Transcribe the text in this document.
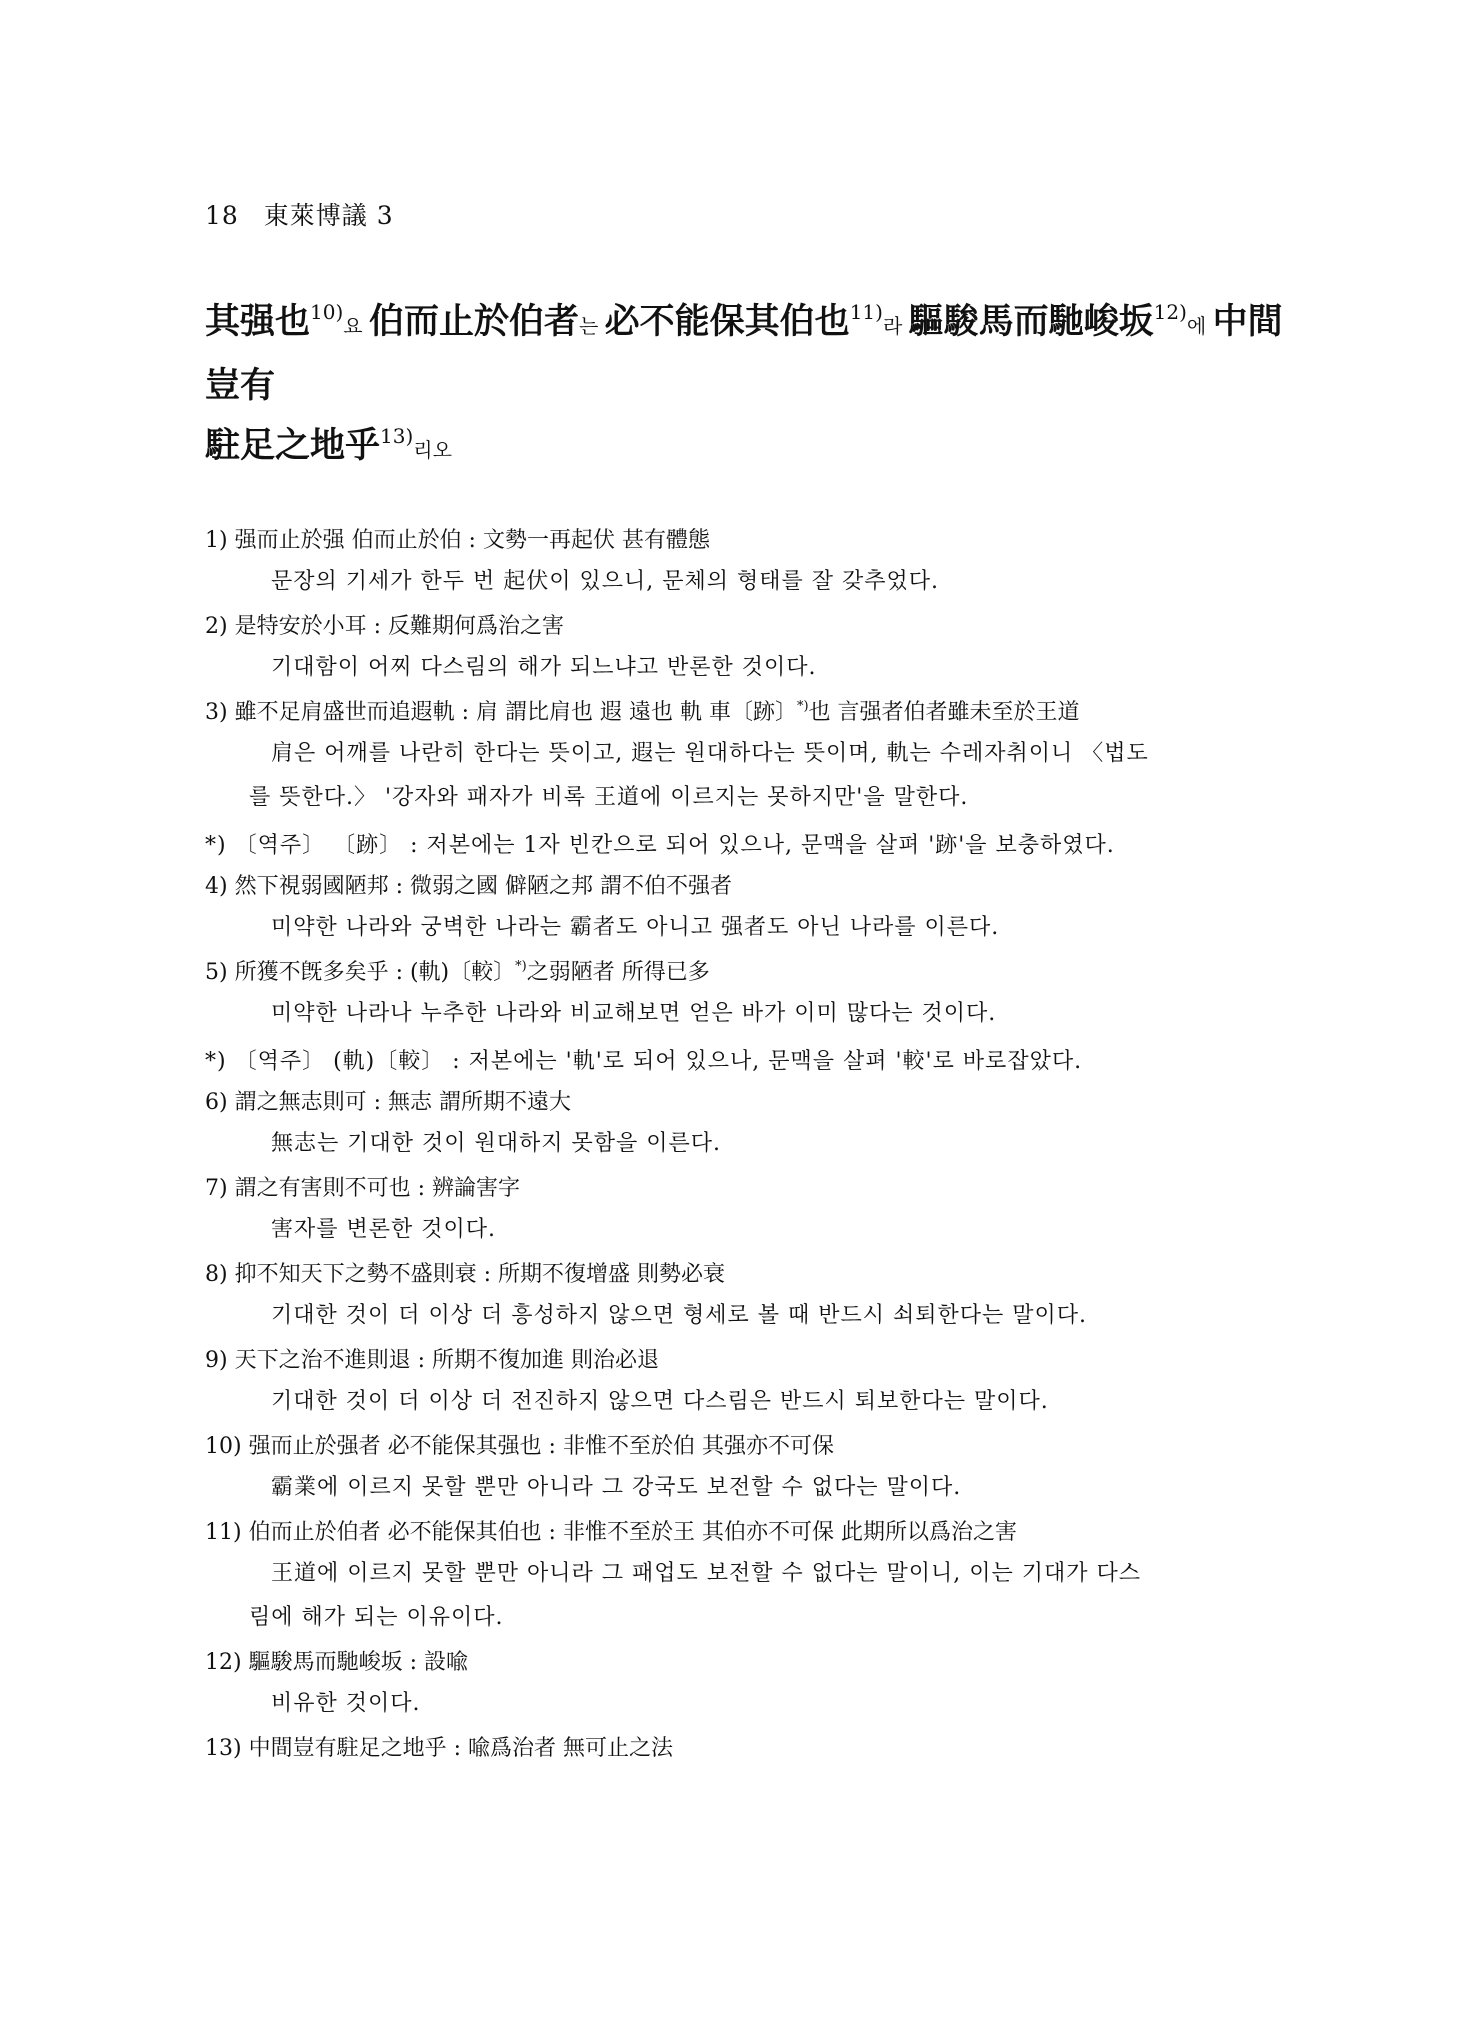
18 東萊博議 3
其强也$^{10)}$요 伯而止於伯者는 必不能保其伯也$^{11)}$라 驅駿馬而馳峻坂$^{12)}$에 中間豈有
駐足之地乎$^{13)}$리오
1) 强而止於强 伯而止於伯 : 文勢一再起伏 甚有體態
문장의 기세가 한두 번 起伏이 있으니, 문체의 형태를 잘 갖추었다.
2) 是特安於小耳 : 反難期何爲治之害
기대함이 어찌 다스림의 해가 되느냐고 반론한 것이다.
3) 雖不足肩盛世而追遐軌 : 肩 謂比肩也 遐 遠也 軌 車〔跡〕*)也 言强者伯者雖未至於王道
肩은 어깨를 나란히 한다는 뜻이고, 遐는 원대하다는 뜻이며, 軌는 수레자취이니 〈법도
를 뜻한다.〉 '강자와 패자가 비록 王道에 이르지는 못하지만'을 말한다.
*) 〔역주〕 〔跡〕 : 저본에는 1자 빈칸으로 되어 있으나, 문맥을 살펴 '跡'을 보충하였다.
4) 然下視弱國陋邦 : 微弱之國 僻陋之邦 謂不伯不强者
미약한 나라와 궁벽한 나라는 霸者도 아니고 强者도 아닌 나라를 이른다.
5) 所獲不旣多矣乎 : (軌)〔較〕*)之弱陋者 所得已多
미약한 나라나 누추한 나라와 비교해보면 얻은 바가 이미 많다는 것이다.
*) 〔역주〕 (軌)〔較〕 : 저본에는 '軌'로 되어 있으나, 문맥을 살펴 '較'로 바로잡았다.
6) 謂之無志則可 : 無志 謂所期不遠大
無志는 기대한 것이 원대하지 못함을 이른다.
7) 謂之有害則不可也 : 辨論害字
害자를 변론한 것이다.
8) 抑不知天下之勢不盛則衰 : 所期不復增盛 則勢必衰
기대한 것이 더 이상 더 흥성하지 않으면 형세로 볼 때 반드시 쇠퇴한다는 말이다.
9) 天下之治不進則退 : 所期不復加進 則治必退
기대한 것이 더 이상 더 전진하지 않으면 다스림은 반드시 퇴보한다는 말이다.
10) 强而止於强者 必不能保其强也 : 非惟不至於伯 其强亦不可保
霸業에 이르지 못할 뿐만 아니라 그 강국도 보전할 수 없다는 말이다.
11) 伯而止於伯者 必不能保其伯也 : 非惟不至於王 其伯亦不可保 此期所以爲治之害
王道에 이르지 못할 뿐만 아니라 그 패업도 보전할 수 없다는 말이니, 이는 기대가 다스
림에 해가 되는 이유이다.
12) 驅駿馬而馳峻坂 : 設喩
비유한 것이다.
13) 中間豈有駐足之地乎 : 喩爲治者 無可止之法
